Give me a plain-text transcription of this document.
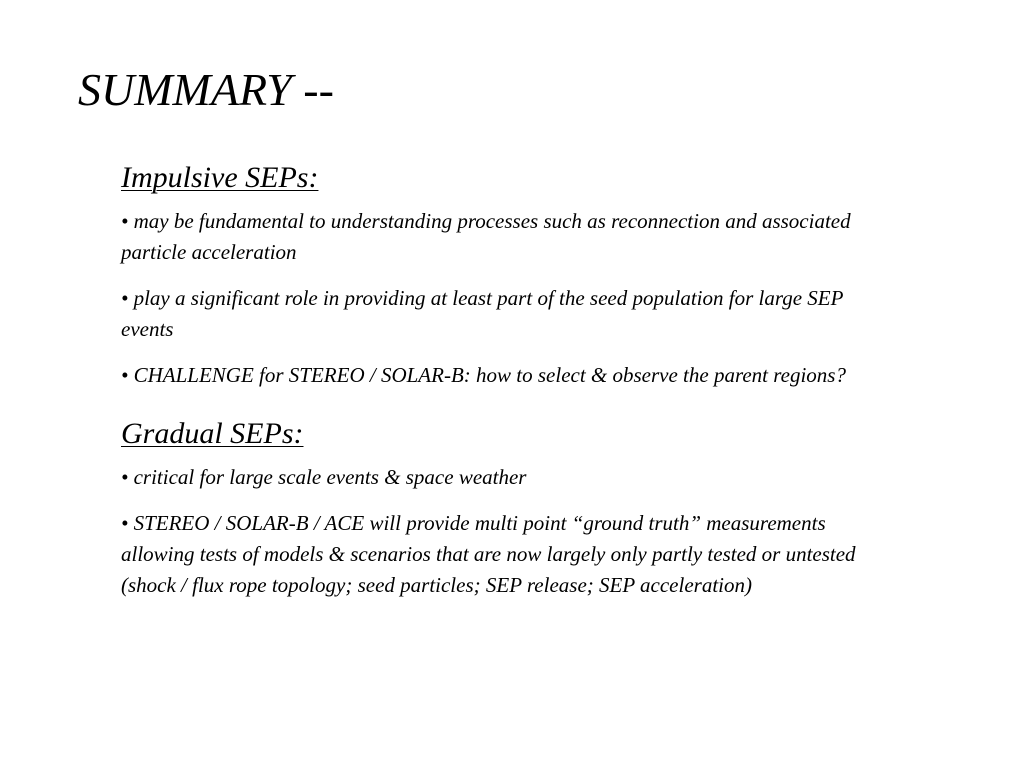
SUMMARY --
Impulsive SEPs:

• may be fundamental to understanding processes such as reconnection and associated particle acceleration

• play a significant role in providing at least part of the seed population for large SEP events

• CHALLENGE for STEREO / SOLAR-B: how to select & observe the parent regions?

Gradual SEPs:

• critical for large scale events & space weather

• STEREO / SOLAR-B / ACE will provide multi point “ground truth” measurements allowing tests of models & scenarios that are now largely only partly tested or untested (shock / flux rope topology; seed particles; SEP release; SEP acceleration)
